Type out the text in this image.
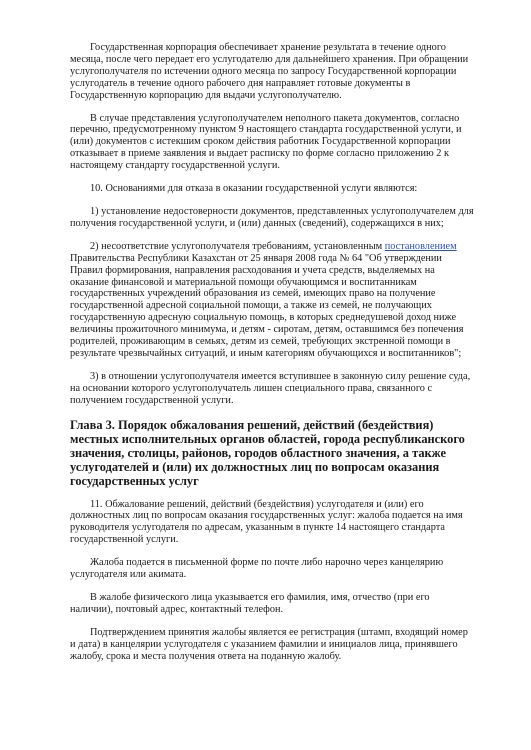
Государственная корпорация обеспечивает хранение результата в течение одного месяца, после чего передает его услугодателю для дальнейшего хранения. При обращении услугополучателя по истечении одного месяца по запросу Государственной корпорации услугодатель в течение одного рабочего дня направляет готовые документы в Государственную корпорацию для выдачи услугополучателю.

В случае представления услугополучателем неполного пакета документов, согласно перечню, предусмотренному пунктом 9 настоящего стандарта государственной услуги, и (или) документов с истекшим сроком действия работник Государственной корпорации отказывает в приеме заявления и выдает расписку по форме согласно приложению 2 к настоящему стандарту государственной услуги.

10. Основаниями для отказа в оказании государственной услуги являются:

1) установление недостоверности документов, представленных услугополучателем для получения государственной услуги, и (или) данных (сведений), содержащихся в них;

2) несоответствие услугополучателя требованиям, установленным постановлением Правительства Республики Казахстан от 25 января 2008 года № 64 "Об утверждении Правил формирования, направления расходования и учета средств, выделяемых на оказание финансовой и материальной помощи обучающимся и воспитанникам государственных учреждений образования из семей, имеющих право на получение государственной адресной социальной помощи, а также из семей, не получающих государственную адресную социальную помощь, в которых среднедушевой доход ниже величины прожиточного минимума, и детям - сиротам, детям, оставшимся без попечения родителей, проживающим в семьях, детям из семей, требующих экстренной помощи в результате чрезвычайных ситуаций, и иным категориям обучающихся и воспитанников";

3) в отношении услугополучателя имеется вступившее в законную силу решение суда, на основании которого услугополучатель лишен специального права, связанного с получением государственной услуги.

Глава 3. Порядок обжалования решений, действий (бездействия) местных исполнительных органов областей, города республиканского значения, столицы, районов, городов областного значения, а также услугодателей и (или) их должностных лиц по вопросам оказания государственных услуг

11. Обжалование решений, действий (бездействия) услугодателя и (или) его должностных лиц по вопросам оказания государственных услуг: жалоба подается на имя руководителя услугодателя по адресам, указанным в пункте 14 настоящего стандарта государственной услуги.

Жалоба подается в письменной форме по почте либо нарочно через канцелярию услугодателя или акимата.

В жалобе физического лица указывается его фамилия, имя, отчество (при его наличии), почтовый адрес, контактный телефон.

Подтверждением принятия жалобы является ее регистрация (штамп, входящий номер и дата) в канцелярии услугодателя с указанием фамилии и инициалов лица, принявшего жалобу, срока и места получения ответа на поданную жалобу.
